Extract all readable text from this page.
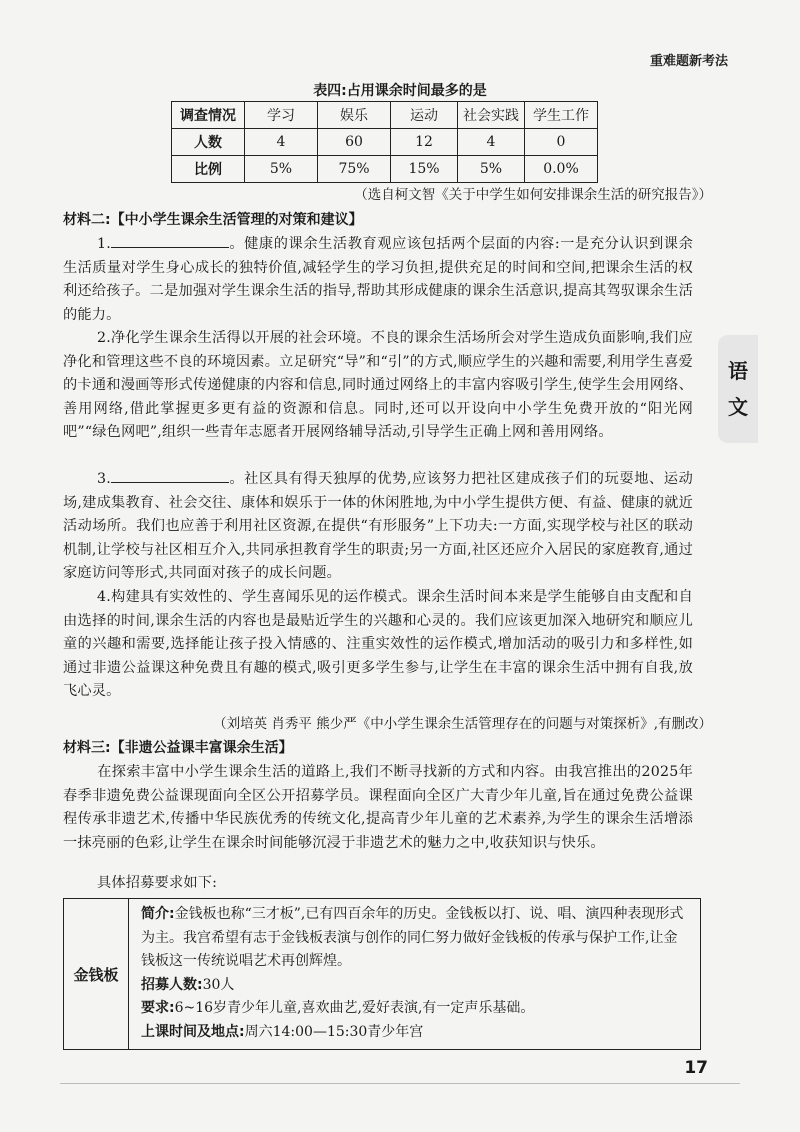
重难题新考法
语
文
表四:占用课余时间最多的是
调查情况	学习	娱乐	运动	社会实践	学生工作
人数	4	60	12	4	0
比例	5%	75%	15%	5%	0.0%
（选自柯文智《关于中学生如何安排课余生活的研究报告》）
材料二:【中小学生课余生活管理的对策和建议】
1.	。健康的课余生活教育观应该包括两个层面的内容:一是充分认识到课余生活质量对学生身心成长的独特价值,减轻学生的学习负担,提供充足的时间和空间,把课余生活的权利还给孩子。二是加强对学生课余生活的指导,帮助其形成健康的课余生活意识,提高其驾驭课余生活的能力。
2.净化学生课余生活得以开展的社会环境。不良的课余生活场所会对学生造成负面影响,我们应净化和管理这些不良的环境因素。立足研究“导”和“引”的方式,顺应学生的兴趣和需要,利用学生喜爱的卡通和漫画等形式传递健康的内容和信息,同时通过网络上的丰富内容吸引学生,使学生会用网络、善用网络,借此掌握更多更有益的资源和信息。同时,还可以开设向中小学生免费开放的“阳光网吧”“绿色网吧”,组织一些青年志愿者开展网络辅导活动,引导学生正确上网和善用网络。
3.	。社区具有得天独厚的优势,应该努力把社区建成孩子们的玩耍地、运动场,建成集教育、社会交往、康体和娱乐于一体的休闲胜地,为中小学生提供方便、有益、健康的就近活动场所。我们也应善于利用社区资源,在提供“有形服务”上下功夫:一方面,实现学校与社区的联动机制,让学校与社区相互介入,共同承担教育学生的职责;另一方面,社区还应介入居民的家庭教育,通过家庭访问等形式,共同面对孩子的成长问题。
4.构建具有实效性的、学生喜闻乐见的运作模式。课余生活时间本来是学生能够自由支配和自由选择的时间,课余生活的内容也是最贴近学生的兴趣和心灵的。我们应该更加深入地研究和顺应儿童的兴趣和需要,选择能让孩子投入情感的、注重实效性的运作模式,增加活动的吸引力和多样性,如通过非遗公益课这种免费且有趣的模式,吸引更多学生参与,让学生在丰富的课余生活中拥有自我,放飞心灵。
（刘培英 肖秀平 熊少严《中小学生课余生活管理存在的问题与对策探析》,有删改）
材料三:【非遗公益课丰富课余生活】
在探索丰富中小学生课余生活的道路上,我们不断寻找新的方式和内容。由我宫推出的2025年春季非遗免费公益课现面向全区公开招募学员。课程面向全区广大青少年儿童,旨在通过免费公益课程传承非遗艺术,传播中华民族优秀的传统文化,提高青少年儿童的艺术素养,为学生的课余生活增添一抹亮丽的色彩,让学生在课余时间能够沉浸于非遗艺术的魅力之中,收获知识与快乐。
具体招募要求如下:
金钱板
简介:金钱板也称“三才板”,已有四百余年的历史。金钱板以打、说、唱、演四种表现形式为主。我宫希望有志于金钱板表演与创作的同仁努力做好金钱板的传承与保护工作,让金钱板这一传统说唱艺术再创辉煌。
招募人数:30人
要求:6~16岁青少年儿童,喜欢曲艺,爱好表演,有一定声乐基础。
上课时间及地点:周六14:00—15:30青少年宫
17
